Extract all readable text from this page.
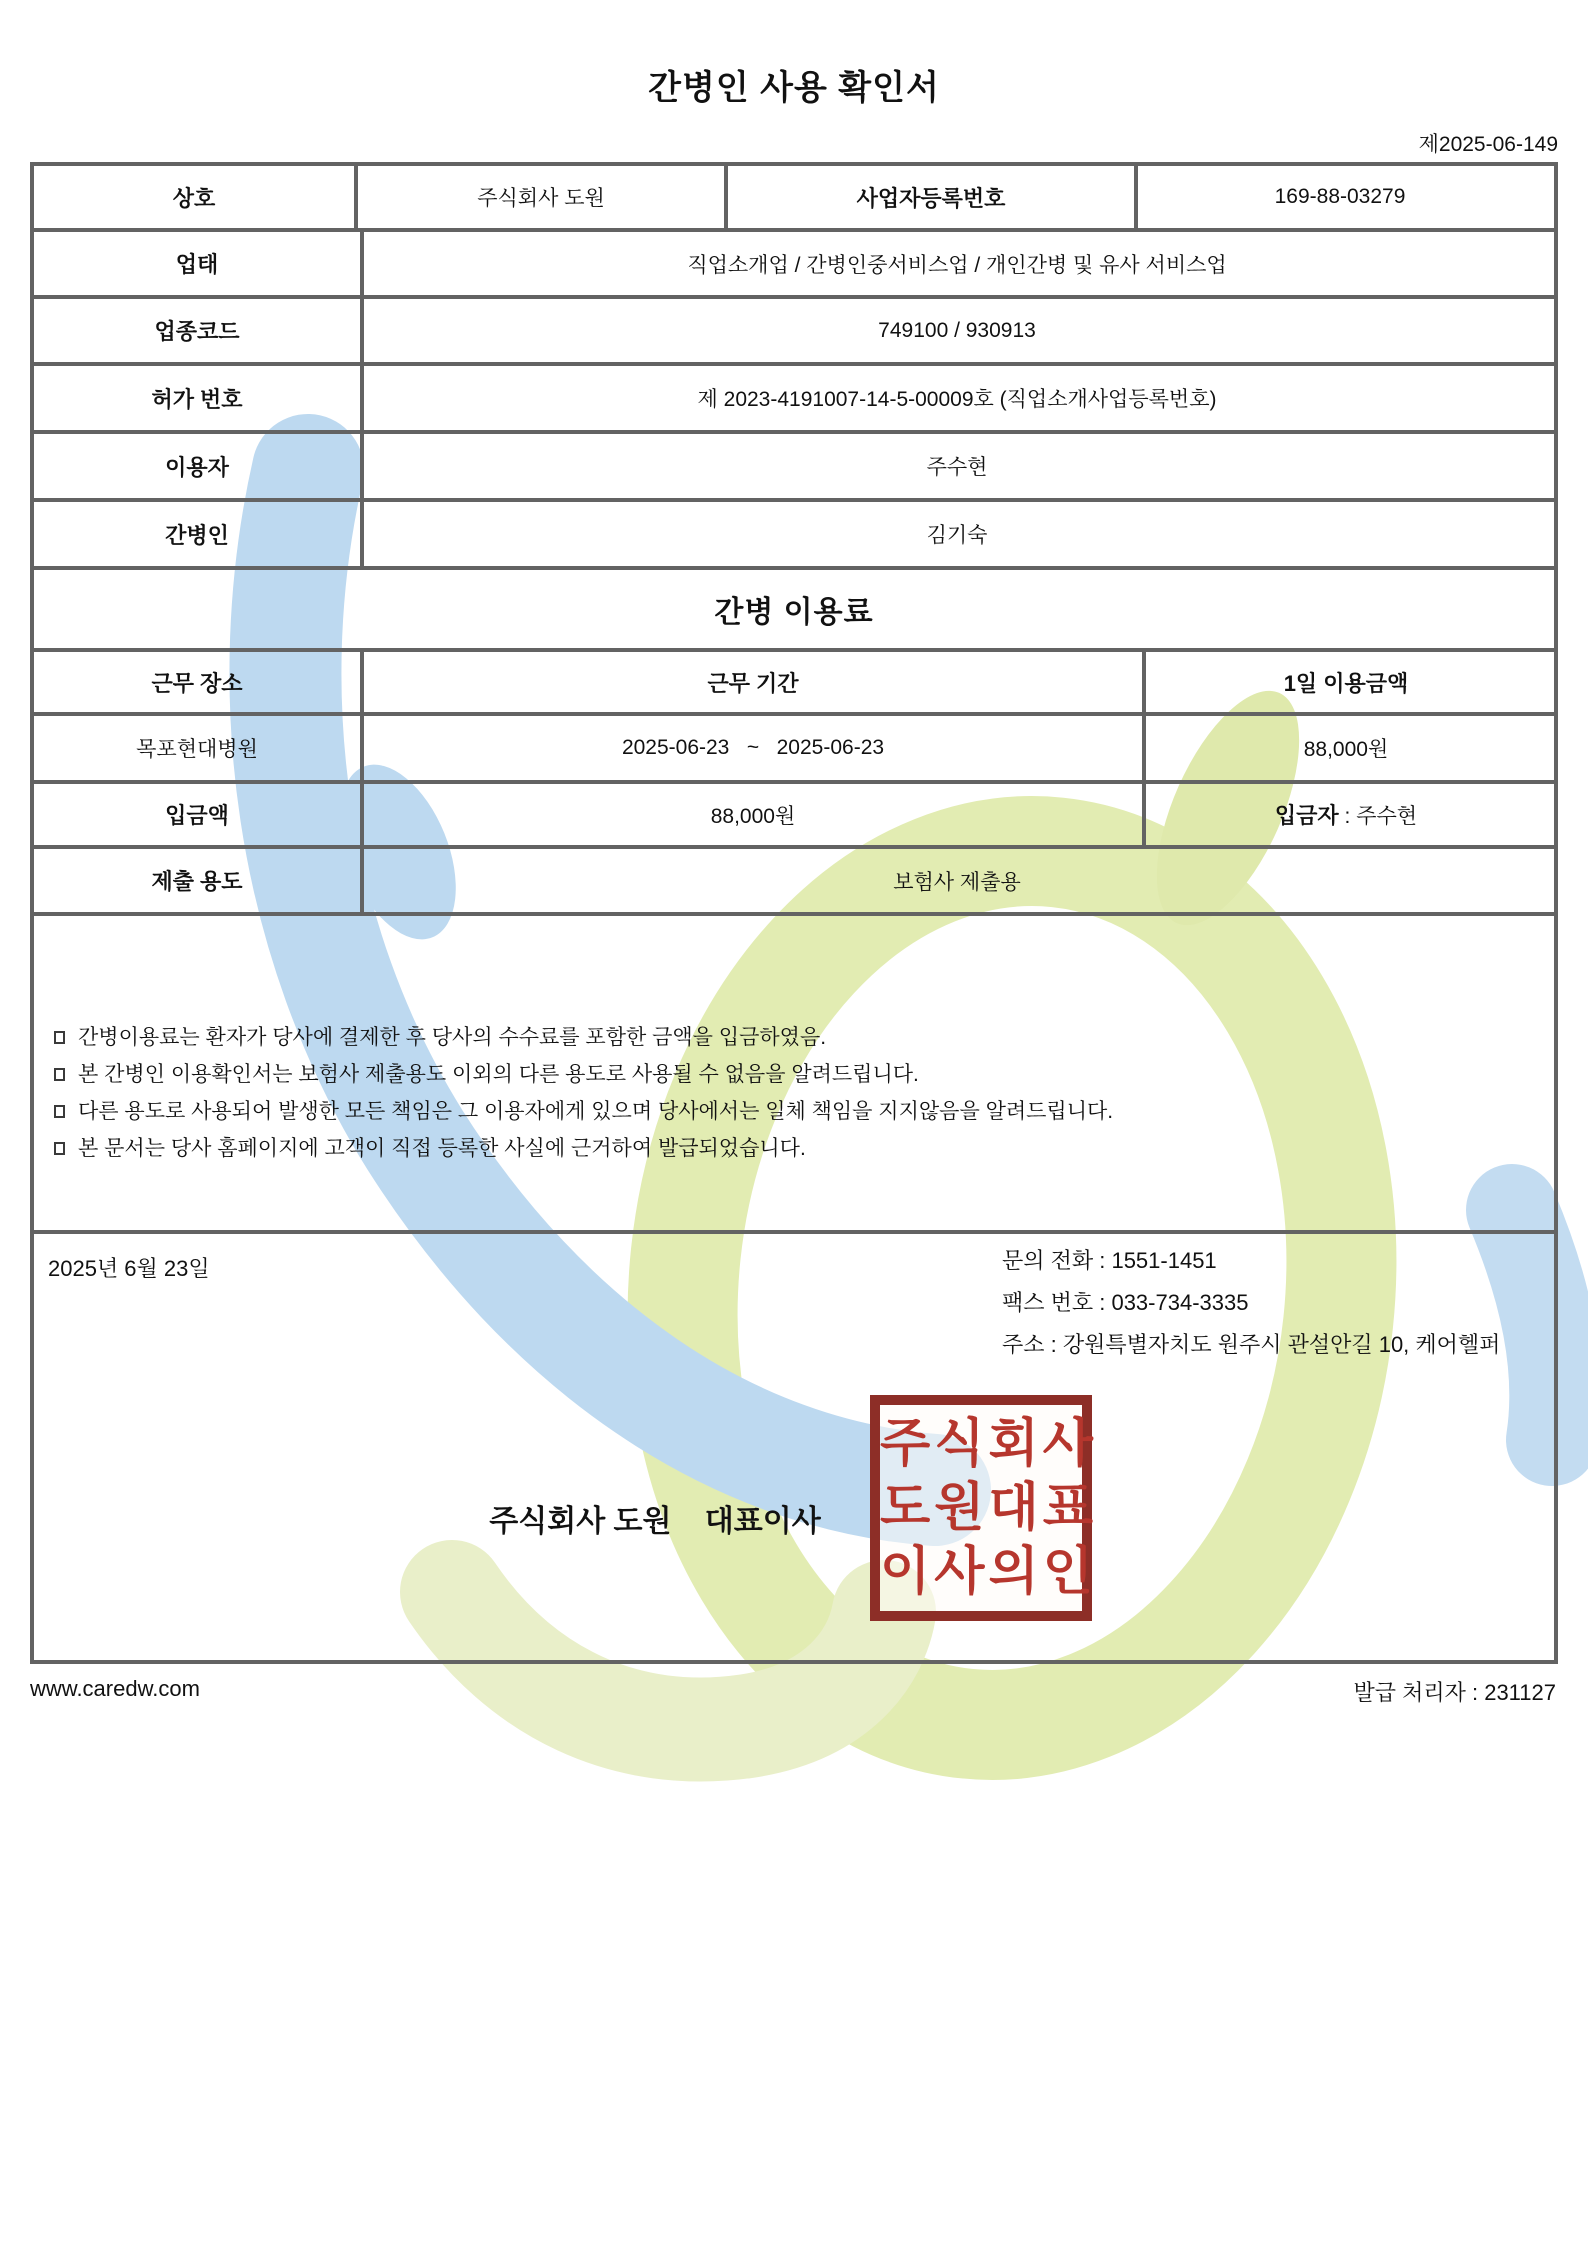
간병인 사용 확인서
제2025-06-149
상호	주식회사 도원	사업자등록번호	169-88-03279
업태	직업소개업 / 간병인중서비스업 / 개인간병 및 유사 서비스업
업종코드	749100 / 930913
허가 번호	제 2023-4191007-14-5-00009호 (직업소개사업등록번호)
이용자	주수현
간병인	김기숙
간병 이용료
근무 장소	근무 기간	1일 이용금액
목포현대병원	2025-06-23   ~   2025-06-23	88,000원
입금액	88,000원	입금자 : 주수현
제출 용도	보험사 제출용
간병이용료는 환자가 당사에 결제한 후 당사의 수수료를 포함한 금액을 입금하였음.
본 간병인 이용확인서는 보험사 제출용도 이외의 다른 용도로 사용될 수 없음을 알려드립니다.
다른 용도로 사용되어 발생한 모든 책임은 그 이용자에게 있으며 당사에서는 일체 책임을 지지않음을 알려드립니다.
본 문서는 당사 홈페이지에 고객이 직접 등록한 사실에 근거하여 발급되었습니다.
2025년 6월 23일	문의 전화 : 1551-1451
팩스 번호 : 033-734-3335
주소 : 강원특별자치도 원주시 관설안길 10, 케어헬퍼
주식회사 도원    대표이사
주식회사
도원대표
이사의인
www.caredw.com	발급 처리자 : 231127
